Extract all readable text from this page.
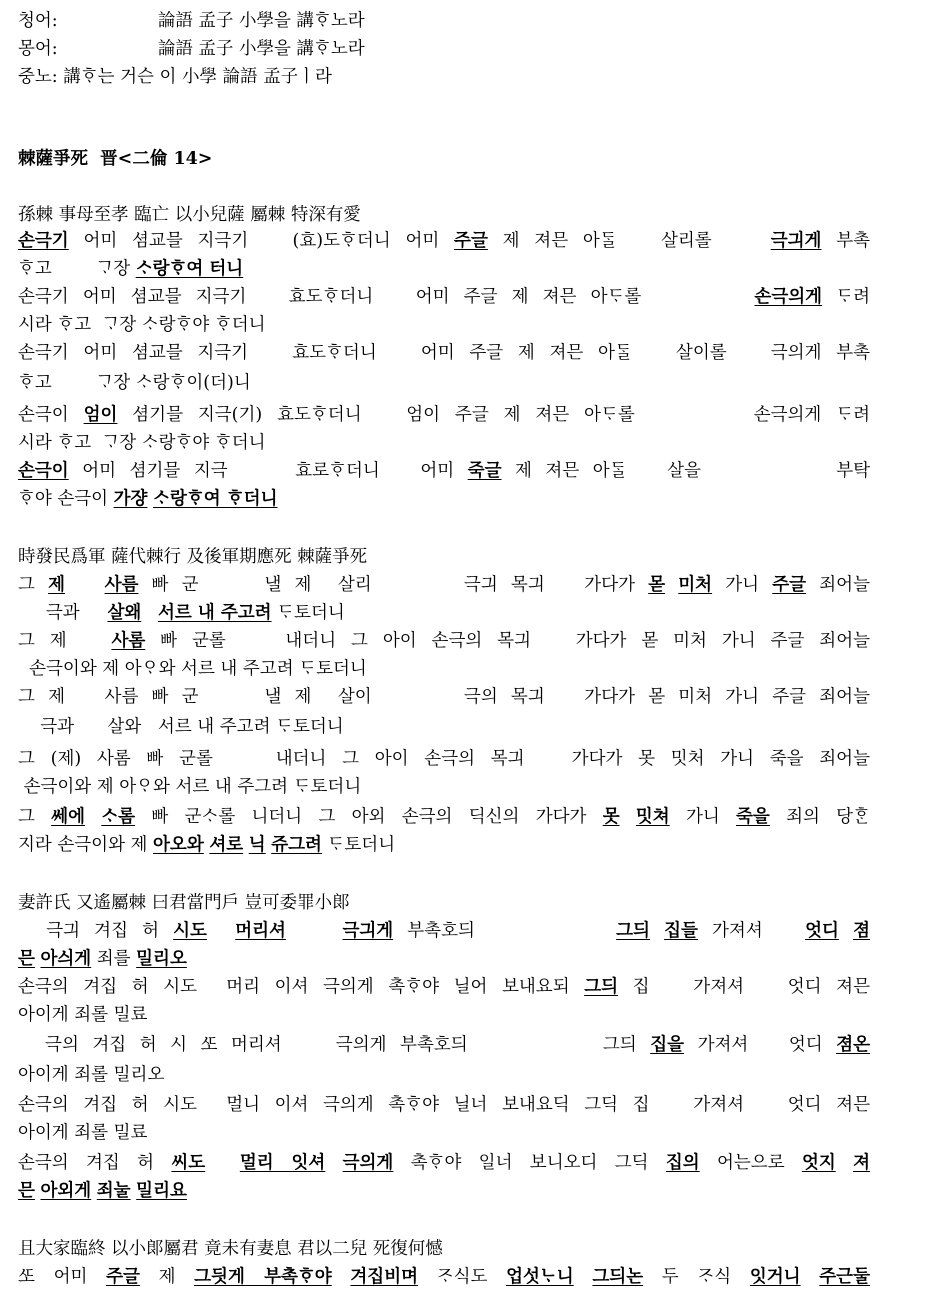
청어:                  論語 孟子 小學을 講ᄒᆞ노라
몽어:                  論語 孟子 小學을 講ᄒᆞ노라
중노: 講ᄒᆞ는 거슨 이 小學 論語 孟子ㅣ라
棘薩爭死  晋<二倫 14>
孫棘 事母至孝 臨亡 以小兒薩 屬棘 特深有愛
손극기 어미 셤교믈 지극기   (효)도ᄒᆞ더니 어미 주글 제 져믄 아ᄃᆞᆯ   살리롤    극긔게 부촉
ᄒᆞ고        ᄀᆞ장 ᄉᆞ랑ᄒᆞ여 터니
손극기 어미 셤교믈 지극기   효도ᄒᆞ더니   어미 주글 제 져믄 아ᄃᆞ롤        손극의게 ᄃᆞ려
시라 ᄒᆞ고  ᄀᆞ장 ᄉᆞ랑ᄒᆞ야 ᄒᆞ더니
손극기 어미 셤교믈 지극기   효도ᄒᆞ더니   어미 주글 제 져믄 아ᄃᆞᆯ   살이롤   극의게 부촉
ᄒᆞ고        ᄀᆞ장 ᄉᆞ랑ᄒᆞ이(더)니
손극이 엄이 셤기믈 지극(기) 효도ᄒᆞ더니   엄이 주글 제 져믄 아ᄃᆞ롤        손극의게 ᄃᆞ려
시라 ᄒᆞ고  ᄀᆞ장 ᄉᆞ랑ᄒᆞ야 ᄒᆞ더니
손극이 어미 셤기믈 지극     효로ᄒᆞ더니   어미 죽글 제 져믄 아ᄃᆞᆯ   살을          부탁
ᄒᆞ야 손극이 가쟝 ᄉᆞ랑ᄒᆞ여 ᄒᆞ더니
時發民爲軍 薩代棘行 及後軍期應死 棘薩爭死
그 제 사름 빠 군     낼 제  살리       극긔 목긔   가다가 몯 미처 가니 주글 죄어늘
극과     살왜 서르 내 주고려 ᄃᆞ토더니
그 제   사롬 빠 군롤    내더니 그 아이 손극의 목긔   가다가 몯 미처 가니 주글 죄어늘
손극이와 제 아ᄋᆞ와 서르 내 주고려 ᄃᆞ토더니
그 제   사름 빠 군     낼 제  살이       극의 목긔   가다가 몯 미처 가니 주글 죄어늘
극과      살와   서르 내 주고려 ᄃᆞ토더니
그 (제) 사롬 빠 군롤    내더니 그 아이 손극의 목긔   가다가 못 밋처 가니 죽을 죄어늘
손극이와 제 아ᄋᆞ와 서르 내 주그려 ᄃᆞ토더니
그 쎄에 ᄉᆞ롬 빠 군ᄉᆞ롤 니더니 그 아외 손극의 딕신의 가다가 못 밋쳐 가니 죽을 죄의 당ᄒᆞᆫ
지라 손극이와 제 아오와 셔로 닉 쥬그려 ᄃᆞ토더니
妻許氏 又遙屬棘 曰君當門戶 豈可委罪小郞
극긔 겨집 허 시도 머리셔	극긔게 부촉호듸          그듸 집들 가져셔   엇디 졈
믄 아싀게 죄를 밀리오
손극의 겨집 허 시도  머리 이셔 극의게 촉ᄒᆞ야 닐어 보내요되 그듸 집   가져셔   엇디 져믄
아이게 죄롤 밀료
극의 겨집 허 시 ᄯᅩ 머리셔    극의게 부촉호듸          그듸 집을 가져셔   엇디 졈온
아이게 죄롤 밀리오
손극의 겨집 허 시도  멀니 이셔 극의게 촉ᄒᆞ야 닐너 보내요딕 그딕 집   가져셔   엇디 져믄
아이게 죄롤 밀료
손극의 겨집 허 씨도 멀리 잇셔 극의게 촉ᄒᆞ야 일너 보니오디 그딕 집의 어는으로 엇지 져
믄 아외게 죄눌 밀리요
且大家臨終 以小郞屬君 竟未有妻息 君以二兒 死復何憾
ᄯᅩ 어미 주글 제 그딋게 부촉ᄒᆞ야 겨집비며 ᄌᆞ식도 업섯ᄂᆞ니 그듸논 두 ᄌᆞ식 잇거니 주근둘
